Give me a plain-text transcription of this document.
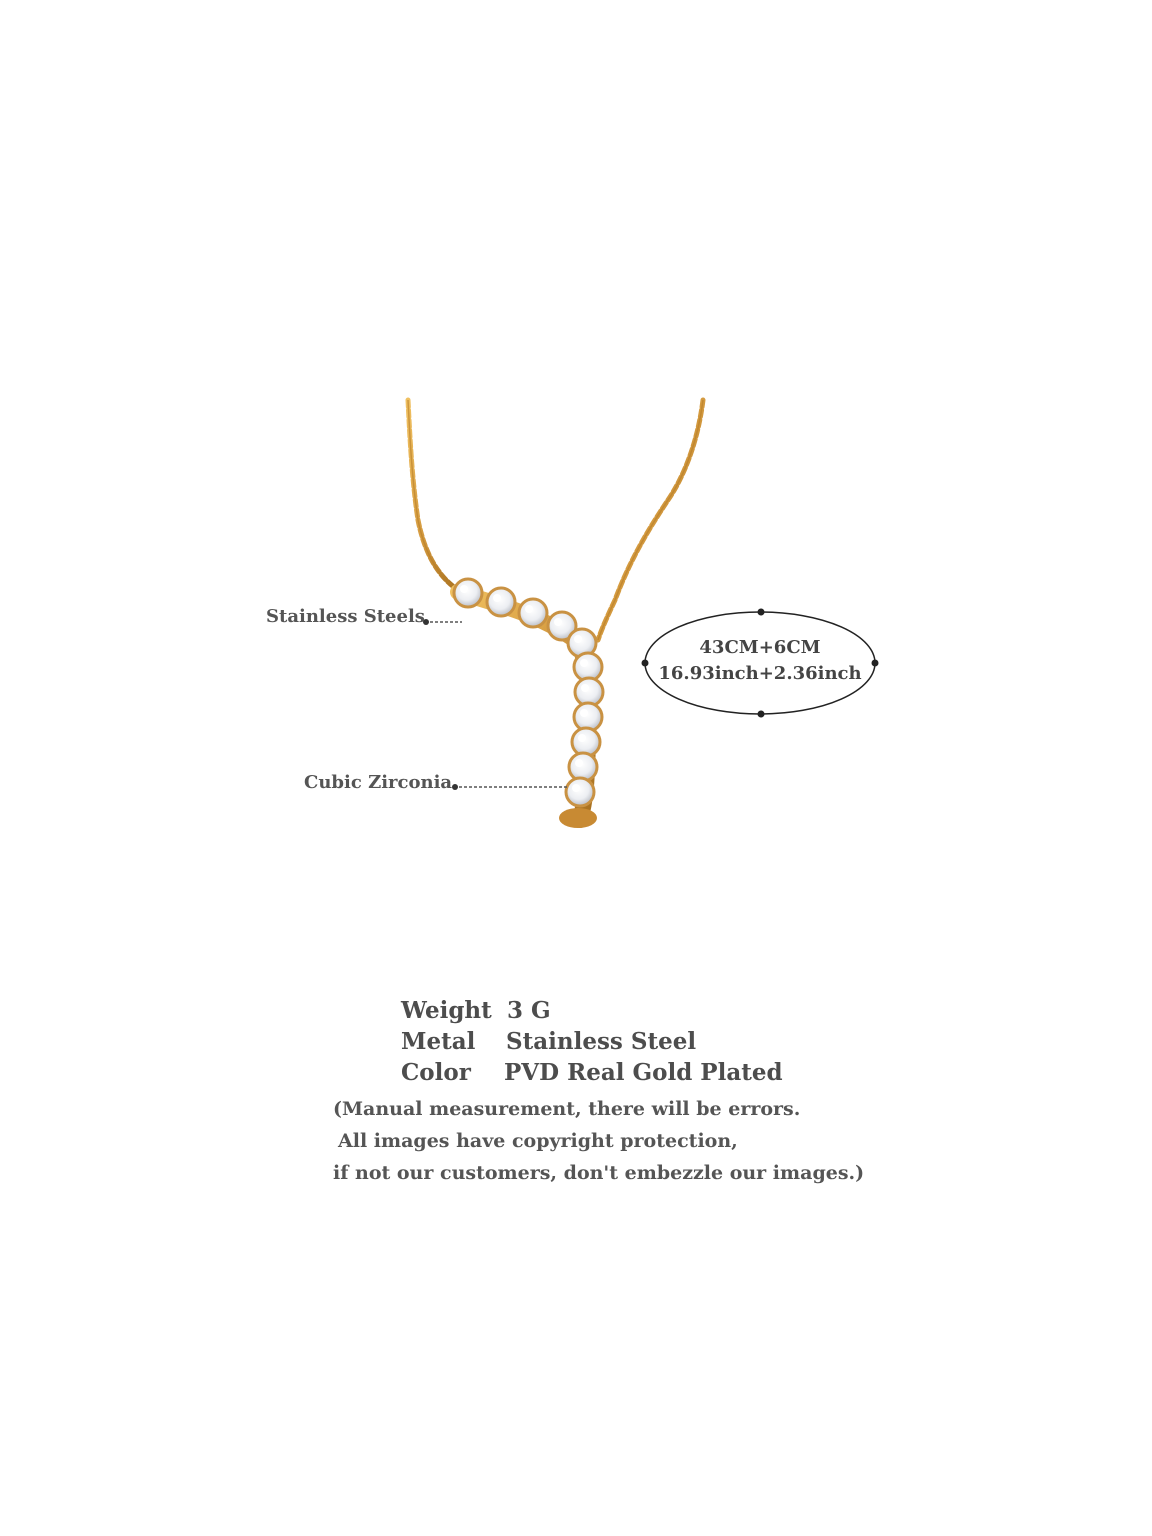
Stainless Steels
Cubic Zirconia
43CM+6CM
16.93inch+2.36inch
Weight 3 G
Metal Stainless Steel
Color PVD Real Gold Plated
(Manual measurement, there will be errors.
All images have copyright protection,
if not our customers, don't embezzle our images.)
